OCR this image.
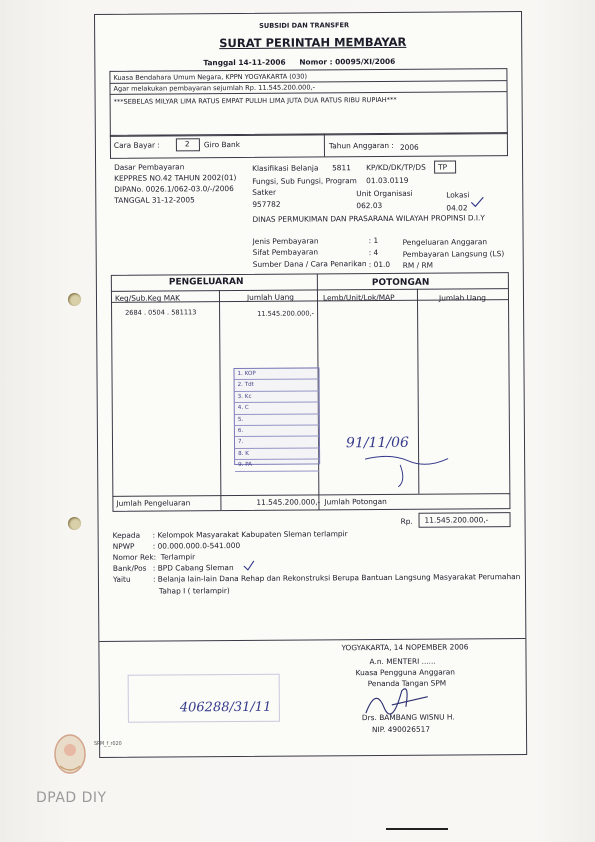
SUBSIDI DAN TRANSFER
SURAT PERINTAH MEMBAYAR
Tanggal 14-11-2006 Nomor : 00095/XI/2006
Kuasa Bendahara Umum Negara, KPPN YOGYAKARTA (030)
Agar melakukan pembayaran sejumlah Rp. 11.545.200.000,-
***SEBELAS MILYAR LIMA RATUS EMPAT PULUH LIMA JUTA DUA RATUS RIBU RUPIAH***
Cara Bayar :	2 Giro Bank	Tahun Anggaran : 2006
Dasar Pembayaran
KEPPRES NO.42 TAHUN 2002(01)
DIPANo. 0026.1/062-03.0/-/2006
TANGGAL 31-12-2005
Klasifikasi Belanja 5811 KP/KD/DK/TP/DS TP
Fungsi, Sub Fungsi, Program 01.03.0119
Satker
957782
Unit Organisasi
062.03
Lokasi
04.02
DINAS PERMUKIMAN DAN PRASARANA WILAYAH PROPINSI D.I.Y
Jenis Pembayaran	: 1	Pengeluaran Anggaran
Sifat Pembayaran	: 4	Pembayaran Langsung (LS)
Sumber Dana / Cara Penarikan : 01.0 RM / RM
PENGELUARAN	POTONGAN
Keg/Sub.Keg MAK	Jumlah Uang	Lemb/Unit/Lok/MAP	Jumlah Uang
2684 . 0504 . 581113	11.545.200.000,-
1. KOP
2. Tdt
3. Kc
4. C
5.
6.
7.
8. K
9. PA
91/11/06
Jumlah Pengeluaran	11.545.200.000,- Jumlah Potongan
Rp. 11.545.200.000,-
Kepada : Kelompok Masyarakat Kabupaten Sleman terlampir
NPWP : 00.000.000.0-541.000
Nomor Rek: Terlampir
Bank/Pos : BPD Cabang Sleman
Yaitu	: Belanja lain-lain Dana Rehap dan Rekonstruksi Berupa Bantuan Langsung Masyarakat Perumahan
Tahap I ( terlampir)
YOGYAKARTA, 14 NOPEMBER 2006
A.n. MENTERI ......
Kuasa Pengguna Anggaran
Penanda Tangan SPM
Drs. BAMBANG WISNU H.
NIP. 490026517
406288/31/11
SPM_f_r020
DPAD DIY
